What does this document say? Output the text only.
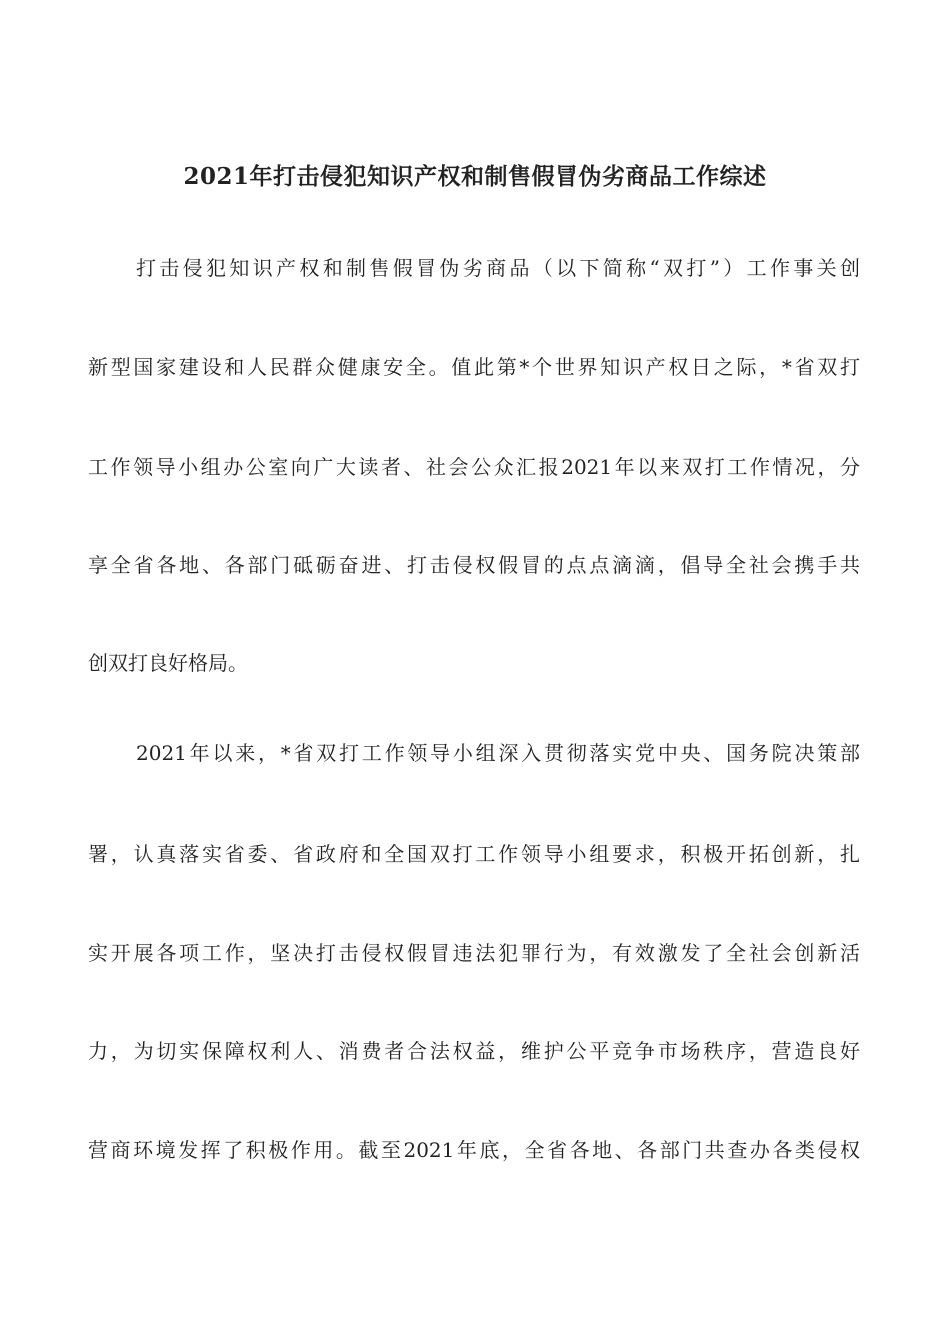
2021年打击侵犯知识产权和制售假冒伪劣商品工作综述
打击侵犯知识产权和制售假冒伪劣商品（以下简称“双打”）工作事关创
新型国家建设和人民群众健康安全。值此第*个世界知识产权日之际，*省双打
工作领导小组办公室向广大读者、社会公众汇报2021年以来双打工作情况，分
享全省各地、各部门砥砺奋进、打击侵权假冒的点点滴滴，倡导全社会携手共
创双打良好格局。
2021年以来，*省双打工作领导小组深入贯彻落实党中央、国务院决策部
署，认真落实省委、省政府和全国双打工作领导小组要求，积极开拓创新，扎
实开展各项工作，坚决打击侵权假冒违法犯罪行为，有效激发了全社会创新活
力，为切实保障权利人、消费者合法权益，维护公平竞争市场秩序，营造良好
营商环境发挥了积极作用。截至2021年底，全省各地、各部门共查办各类侵权
